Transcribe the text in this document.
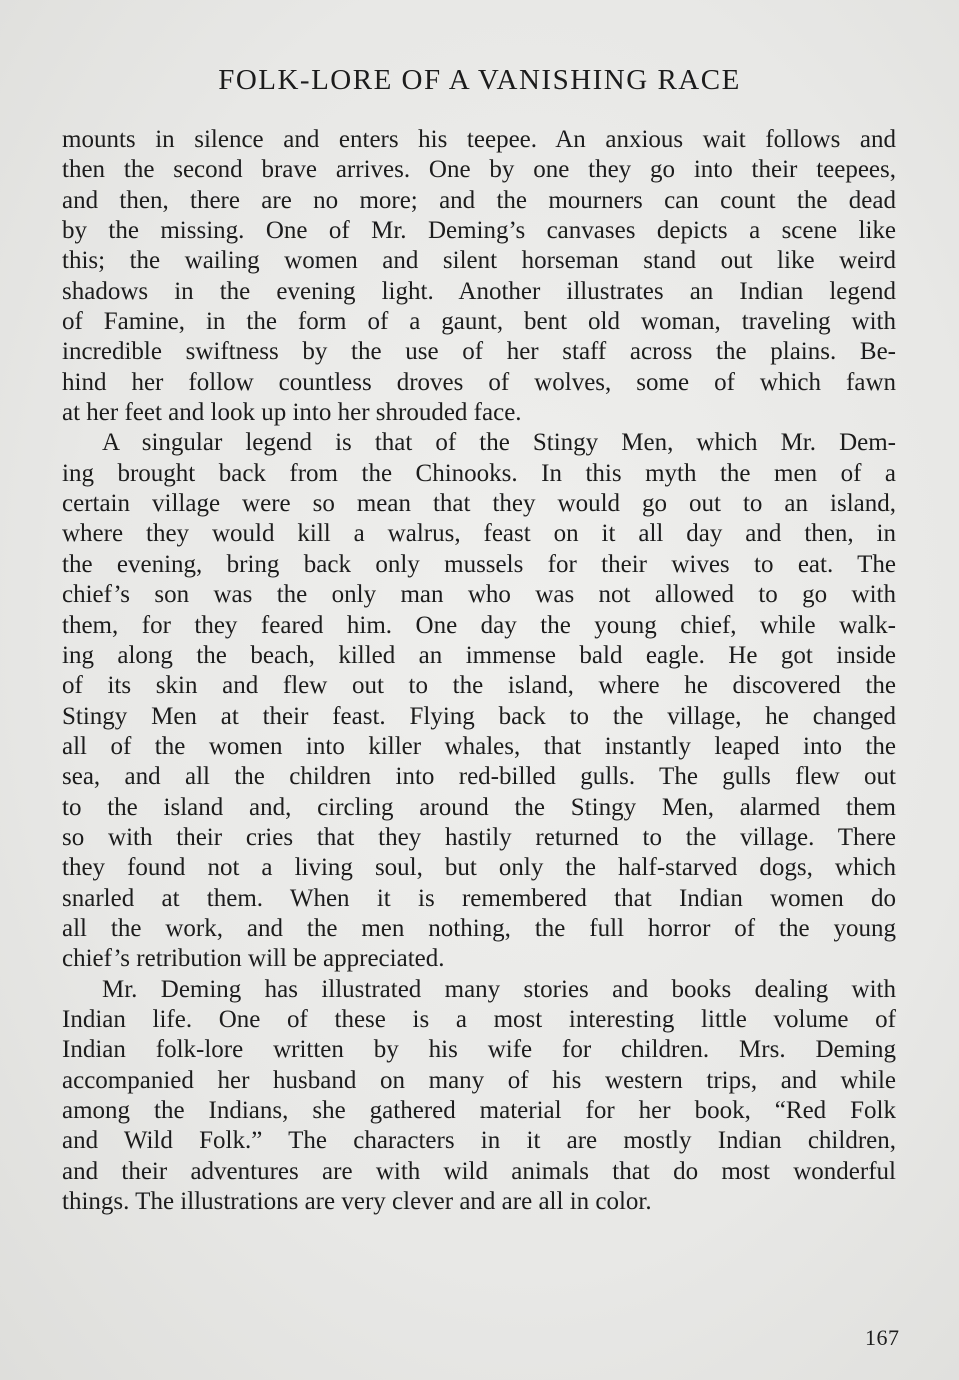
FOLK-LORE OF A VANISHING RACE
mounts in silence and enters his teepee. An anxious wait follows and
then the second brave arrives. One by one they go into their teepees,
and then, there are no more; and the mourners can count the dead
by the missing. One of Mr. Deming’s canvases depicts a scene like
this; the wailing women and silent horseman stand out like weird
shadows in the evening light. Another illustrates an Indian legend
of Famine, in the form of a gaunt, bent old woman, traveling with
incredible swiftness by the use of her staff across the plains. Be-
hind her follow countless droves of wolves, some of which fawn
at her feet and look up into her shrouded face.
A singular legend is that of the Stingy Men, which Mr. Dem-
ing brought back from the Chinooks. In this myth the men of a
certain village were so mean that they would go out to an island,
where they would kill a walrus, feast on it all day and then, in
the evening, bring back only mussels for their wives to eat. The
chief’s son was the only man who was not allowed to go with
them, for they feared him. One day the young chief, while walk-
ing along the beach, killed an immense bald eagle. He got inside
of its skin and flew out to the island, where he discovered the
Stingy Men at their feast. Flying back to the village, he changed
all of the women into killer whales, that instantly leaped into the
sea, and all the children into red-billed gulls. The gulls flew out
to the island and, circling around the Stingy Men, alarmed them
so with their cries that they hastily returned to the village. There
they found not a living soul, but only the half-starved dogs, which
snarled at them. When it is remembered that Indian women do
all the work, and the men nothing, the full horror of the young
chief’s retribution will be appreciated.
Mr. Deming has illustrated many stories and books dealing with
Indian life. One of these is a most interesting little volume of
Indian folk-lore written by his wife for children. Mrs. Deming
accompanied her husband on many of his western trips, and while
among the Indians, she gathered material for her book, “Red Folk
and Wild Folk.” The characters in it are mostly Indian children,
and their adventures are with wild animals that do most wonderful
things. The illustrations are very clever and are all in color.
167
